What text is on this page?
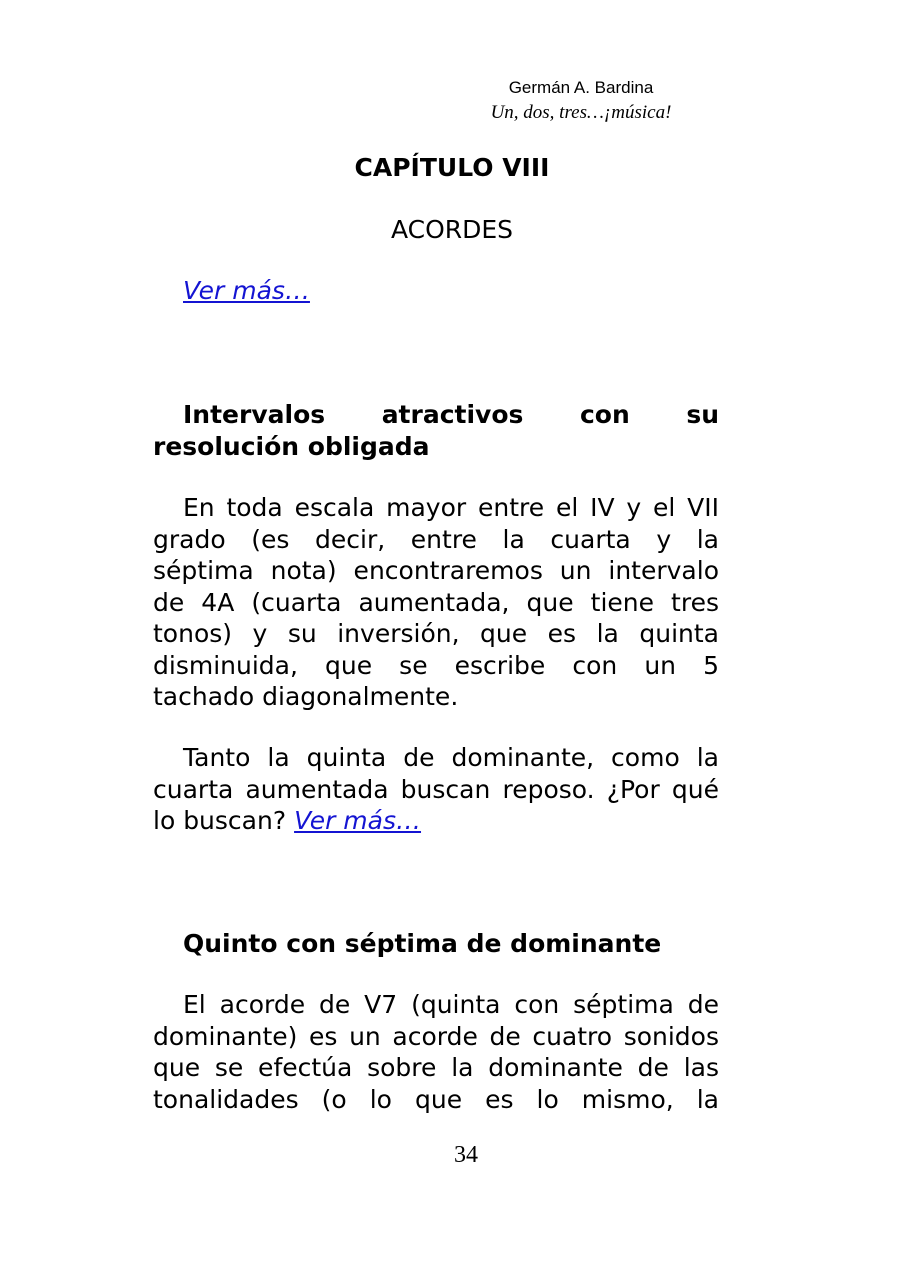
Germán A. Bardina
Un, dos, tres…¡música!
CAPÍTULO VIII
ACORDES
Ver más…
Intervalos atractivos con su
resolución obligada
En toda escala mayor entre el IV y el VII
grado (es decir, entre la cuarta y la
séptima nota) encontraremos un intervalo
de 4A (cuarta aumentada, que tiene tres
tonos) y su inversión, que es la quinta
disminuida, que se escribe con un 5
tachado diagonalmente.
Tanto la quinta de dominante, como la
cuarta aumentada buscan reposo. ¿Por qué
lo buscan? Ver más…
Quinto con séptima de dominante
El acorde de V7 (quinta con séptima de
dominante) es un acorde de cuatro sonidos
que se efectúa sobre la dominante de las
tonalidades (o lo que es lo mismo, la
34
